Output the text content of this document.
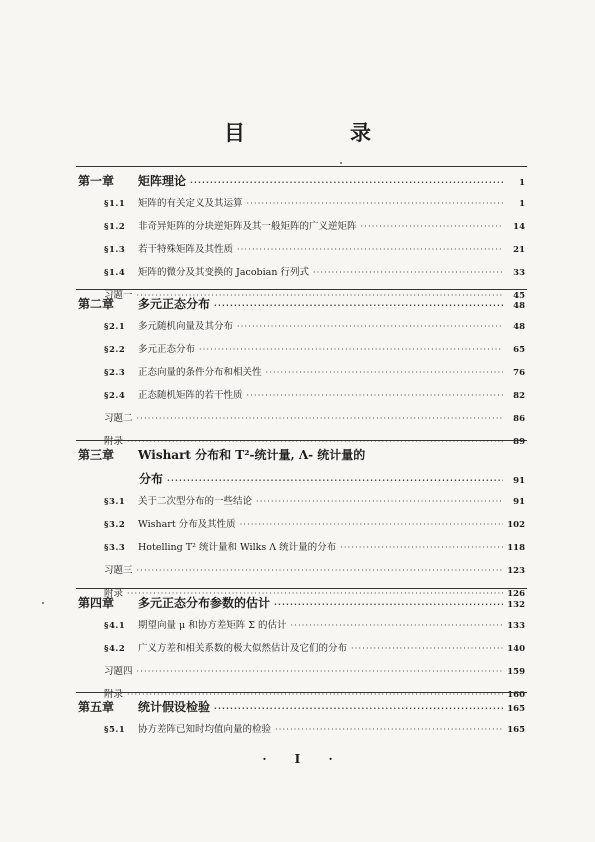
目　录
第一章	矩阵理论 ·····	1
§1.1	矩阵的有关定义及其运算 ·····	1
§1.2	非奇异矩阵的分块逆矩阵及其一般矩阵的广义逆矩阵 ·····	14
§1.3	若干特殊矩阵及其性质 ·····	21
§1.4	矩阵的微分及其变换的 Jacobian 行列式 ·····	33
习题一 ·····	45
第二章	多元正态分布 ·····	48
§2.1	多元随机向量及其分布 ·····	48
§2.2	多元正态分布 ·····	65
§2.3	正态向量的条件分布和相关性 ·····	76
§2.4	正态随机矩阵的若干性质 ·····	82
习题二 ·····	86
附录 ·····	89
第三章	Wishart 分布和 T²-统计量, Λ- 统计量的
分布 ·····	91
§3.1	关于二次型分布的一些结论 ·····	91
§3.2	Wishart 分布及其性质 ·····	102
§3.3	Hotelling T² 统计量和 Wilks Λ 统计量的分布 ·····	118
习题三 ·····	123
附录 ·····	126
第四章	多元正态分布参数的估计 ·····	132
§4.1	期望向量 μ 和协方差矩阵 Σ 的估计 ·····	133
§4.2	广义方差和相关系数的极大似然估计及它们的分布 ·····	140
习题四 ·····	159
附录 ·····	160
第五章	统计假设检验 ·····	165
§5.1	协方差阵已知时均值向量的检验 ·····	165
· I ·
